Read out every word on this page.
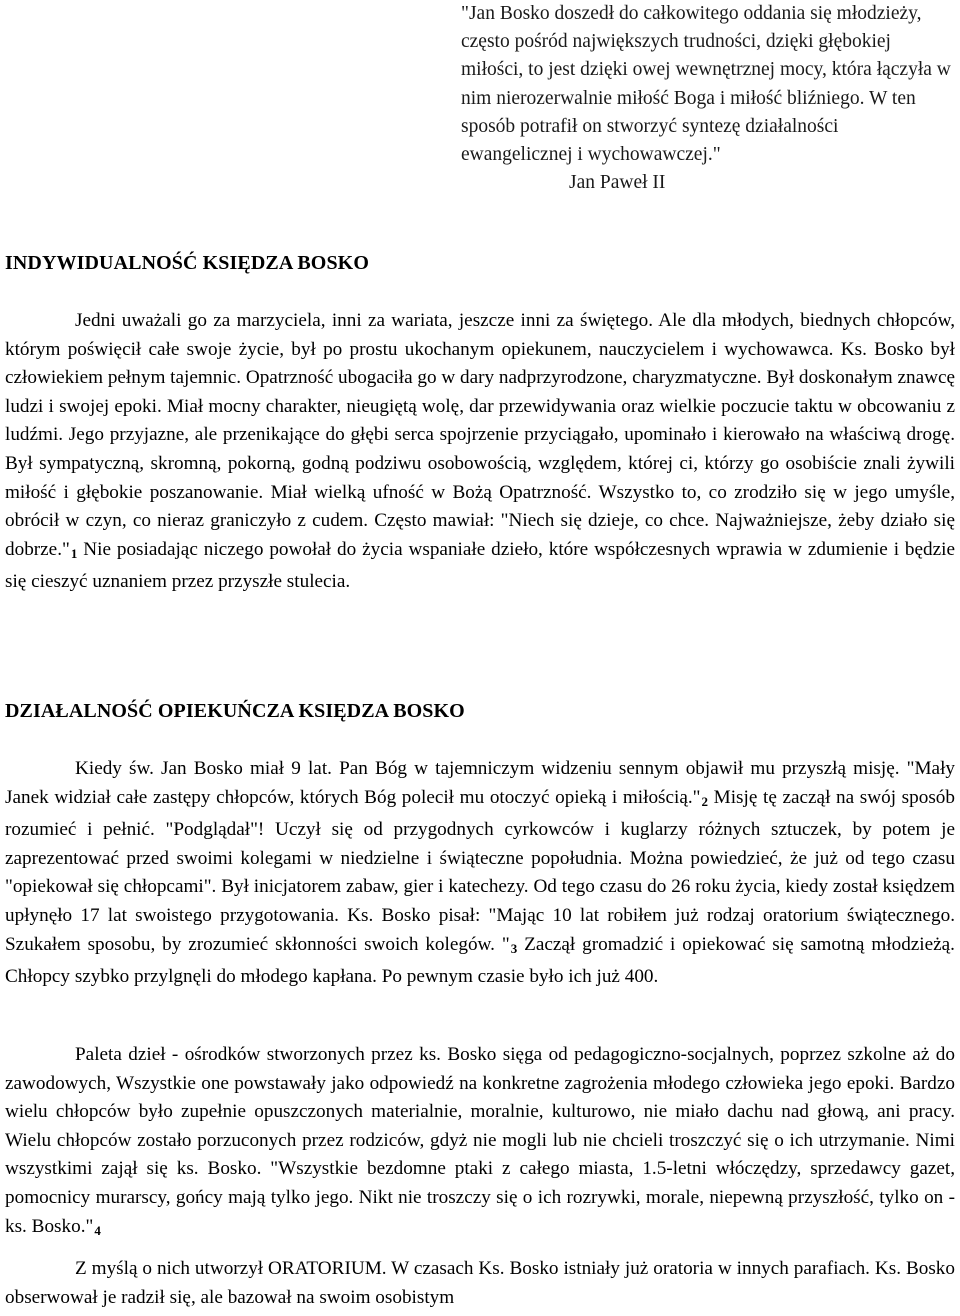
"Jan Bosko doszedł do całkowitego oddania się młodzieży, często pośród największych trudności, dzięki głębokiej miłości, to jest dzięki owej wewnętrznej mocy, która łączyła w nim nierozerwalnie miłość Boga i miłość bliźniego. W ten sposób potrafił on stworzyć syntezę działalności ewangelicznej i wychowawczej."

Jan Paweł II

INDYWIDUALNOŚĆ KSIĘDZA BOSKO

Jedni uważali go za marzyciela, inni za wariata, jeszcze inni za świętego. Ale dla młodych, biednych chłopców, którym poświęcił całe swoje życie, był po prostu ukochanym opiekunem, nauczycielem i wychowawca. Ks. Bosko był człowiekiem pełnym tajemnic. Opatrzność ubogaciła go w dary nadprzyrodzone, charyzmatyczne. Był doskonałym znawcę ludzi i swojej epoki. Miał mocny charakter, nieugiętą wolę, dar przewidywania oraz wielkie poczucie taktu w obcowaniu z ludźmi. Jego przyjazne, ale przenikające do głębi serca spojrzenie przyciągało, upominało i kierowało na właściwą drogę. Był sympatyczną, skromną, pokorną, godną podziwu osobowością, względem, której ci, którzy go osobiście znali żywili miłość i głębokie poszanowanie. Miał wielką ufność w Bożą Opatrzność. Wszystko to, co zrodziło się w jego umyśle, obrócił w czyn, co nieraz graniczyło z cudem. Często mawiał: "Niech się dzieje, co chce. Najważniejsze, żeby działo się $dobrze."_1$ Nie posiadając niczego powołał do życia wspaniałe dzieło, które współczesnych wprawia w zdumienie i będzie się cieszyć uznaniem przez przyszłe stulecia.

DZIAŁALNOŚĆ OPIEKUŃCZA KSIĘDZA BOSKO

Kiedy św. Jan Bosko miał 9 lat. Pan Bóg w tajemniczym widzeniu sennym objawił mu przyszłą misję. "Mały Janek widział całe zastępy chłopców, których Bóg polecił mu otoczyć opieką i $miłością."_2$ Misję tę zaczął na swój sposób rozumieć i pełnić. "Podglądał"! Uczył się od przygodnych cyrkowców i kuglarzy różnych sztuczek, by potem je zaprezentować przed swoimi kolegami w niedzielne i świąteczne popołudnia. Można powiedzieć, że już od tego czasu "opiekował się chłopcami". Był inicjatorem zabaw, gier i katechezy. Od tego czasu do 26 roku życia, kiedy został księdzem upłynęło 17 lat swoistego przygotowania. Ks. Bosko pisał: "Mając 10 lat robiłem już rodzaj oratorium świątecznego. Szukałem sposobu, by zrozumieć skłonności swoich kolegów. "$_3$ Zaczął gromadzić i opiekować się samotną młodzieżą. Chłopcy szybko przylgnęli do młodego kapłana. Po pewnym czasie było ich już 400.

Paleta dzieł - ośrodków stworzonych przez ks. Bosko sięga od pedagogiczno-socjalnych, poprzez szkolne aż do zawodowych, Wszystkie one powstawały jako odpowiedź na konkretne zagrożenia młodego człowieka jego epoki. Bardzo wielu chłopców było zupełnie opuszczonych materialnie, moralnie, kulturowo, nie miało dachu nad głową, ani pracy. Wielu chłopców zostało porzuconych przez rodziców, gdyż nie mogli lub nie chcieli troszczyć się o ich utrzymanie. Nimi wszystkimi zajął się ks. Bosko. "Wszystkie bezdomne ptaki z całego miasta, 1.5-letni włóczędzy, sprzedawcy gazet, pomocnicy murarscy, gońcy mają tylko jego. Nikt nie troszczy się o ich rozrywki, morale, niepewną przyszłość, tylko on - ks. $Bosko."_4$

Z myślą o nich utworzył ORATORIUM. W czasach Ks. Bosko istniały już oratoria w innych parafiach. Ks. Bosko obserwował je radził się, ale bazował na swoim osobistym
